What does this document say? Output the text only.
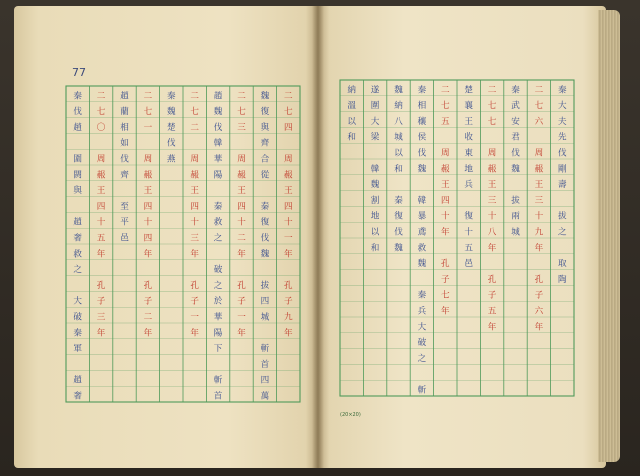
二七四周赧王四十一年孔子九年
魏復與齊合從秦復伐魏拔四城斬首四萬
二七三周赧王四十二年孔子一年
趙魏伐韓華陽秦救之破之於華陽下斬首
二七二周赧王四十三年孔子一年
秦魏楚伐燕
二七一周赧王四十四年孔子二年
趙藺相如伐齊至平邑
二七〇周赧王四十五年孔子三年
秦伐趙圍閼與趙奢救之大破秦軍趙奢
77
秦大夫先伐剛壽拔之取陶
二七六周赧王三十九年孔子六年
秦武安君伐魏拔兩城
二七七周赧王三十八年孔子五年
楚襄王收東地兵復十五邑
二七五周赧王四十年孔子七年
秦相穰侯伐魏韓暴鳶救魏秦兵大破之斬
魏納八城以和秦復伐魏
遂圍大梁韓魏割地以和
納溫以和
(20×20)
